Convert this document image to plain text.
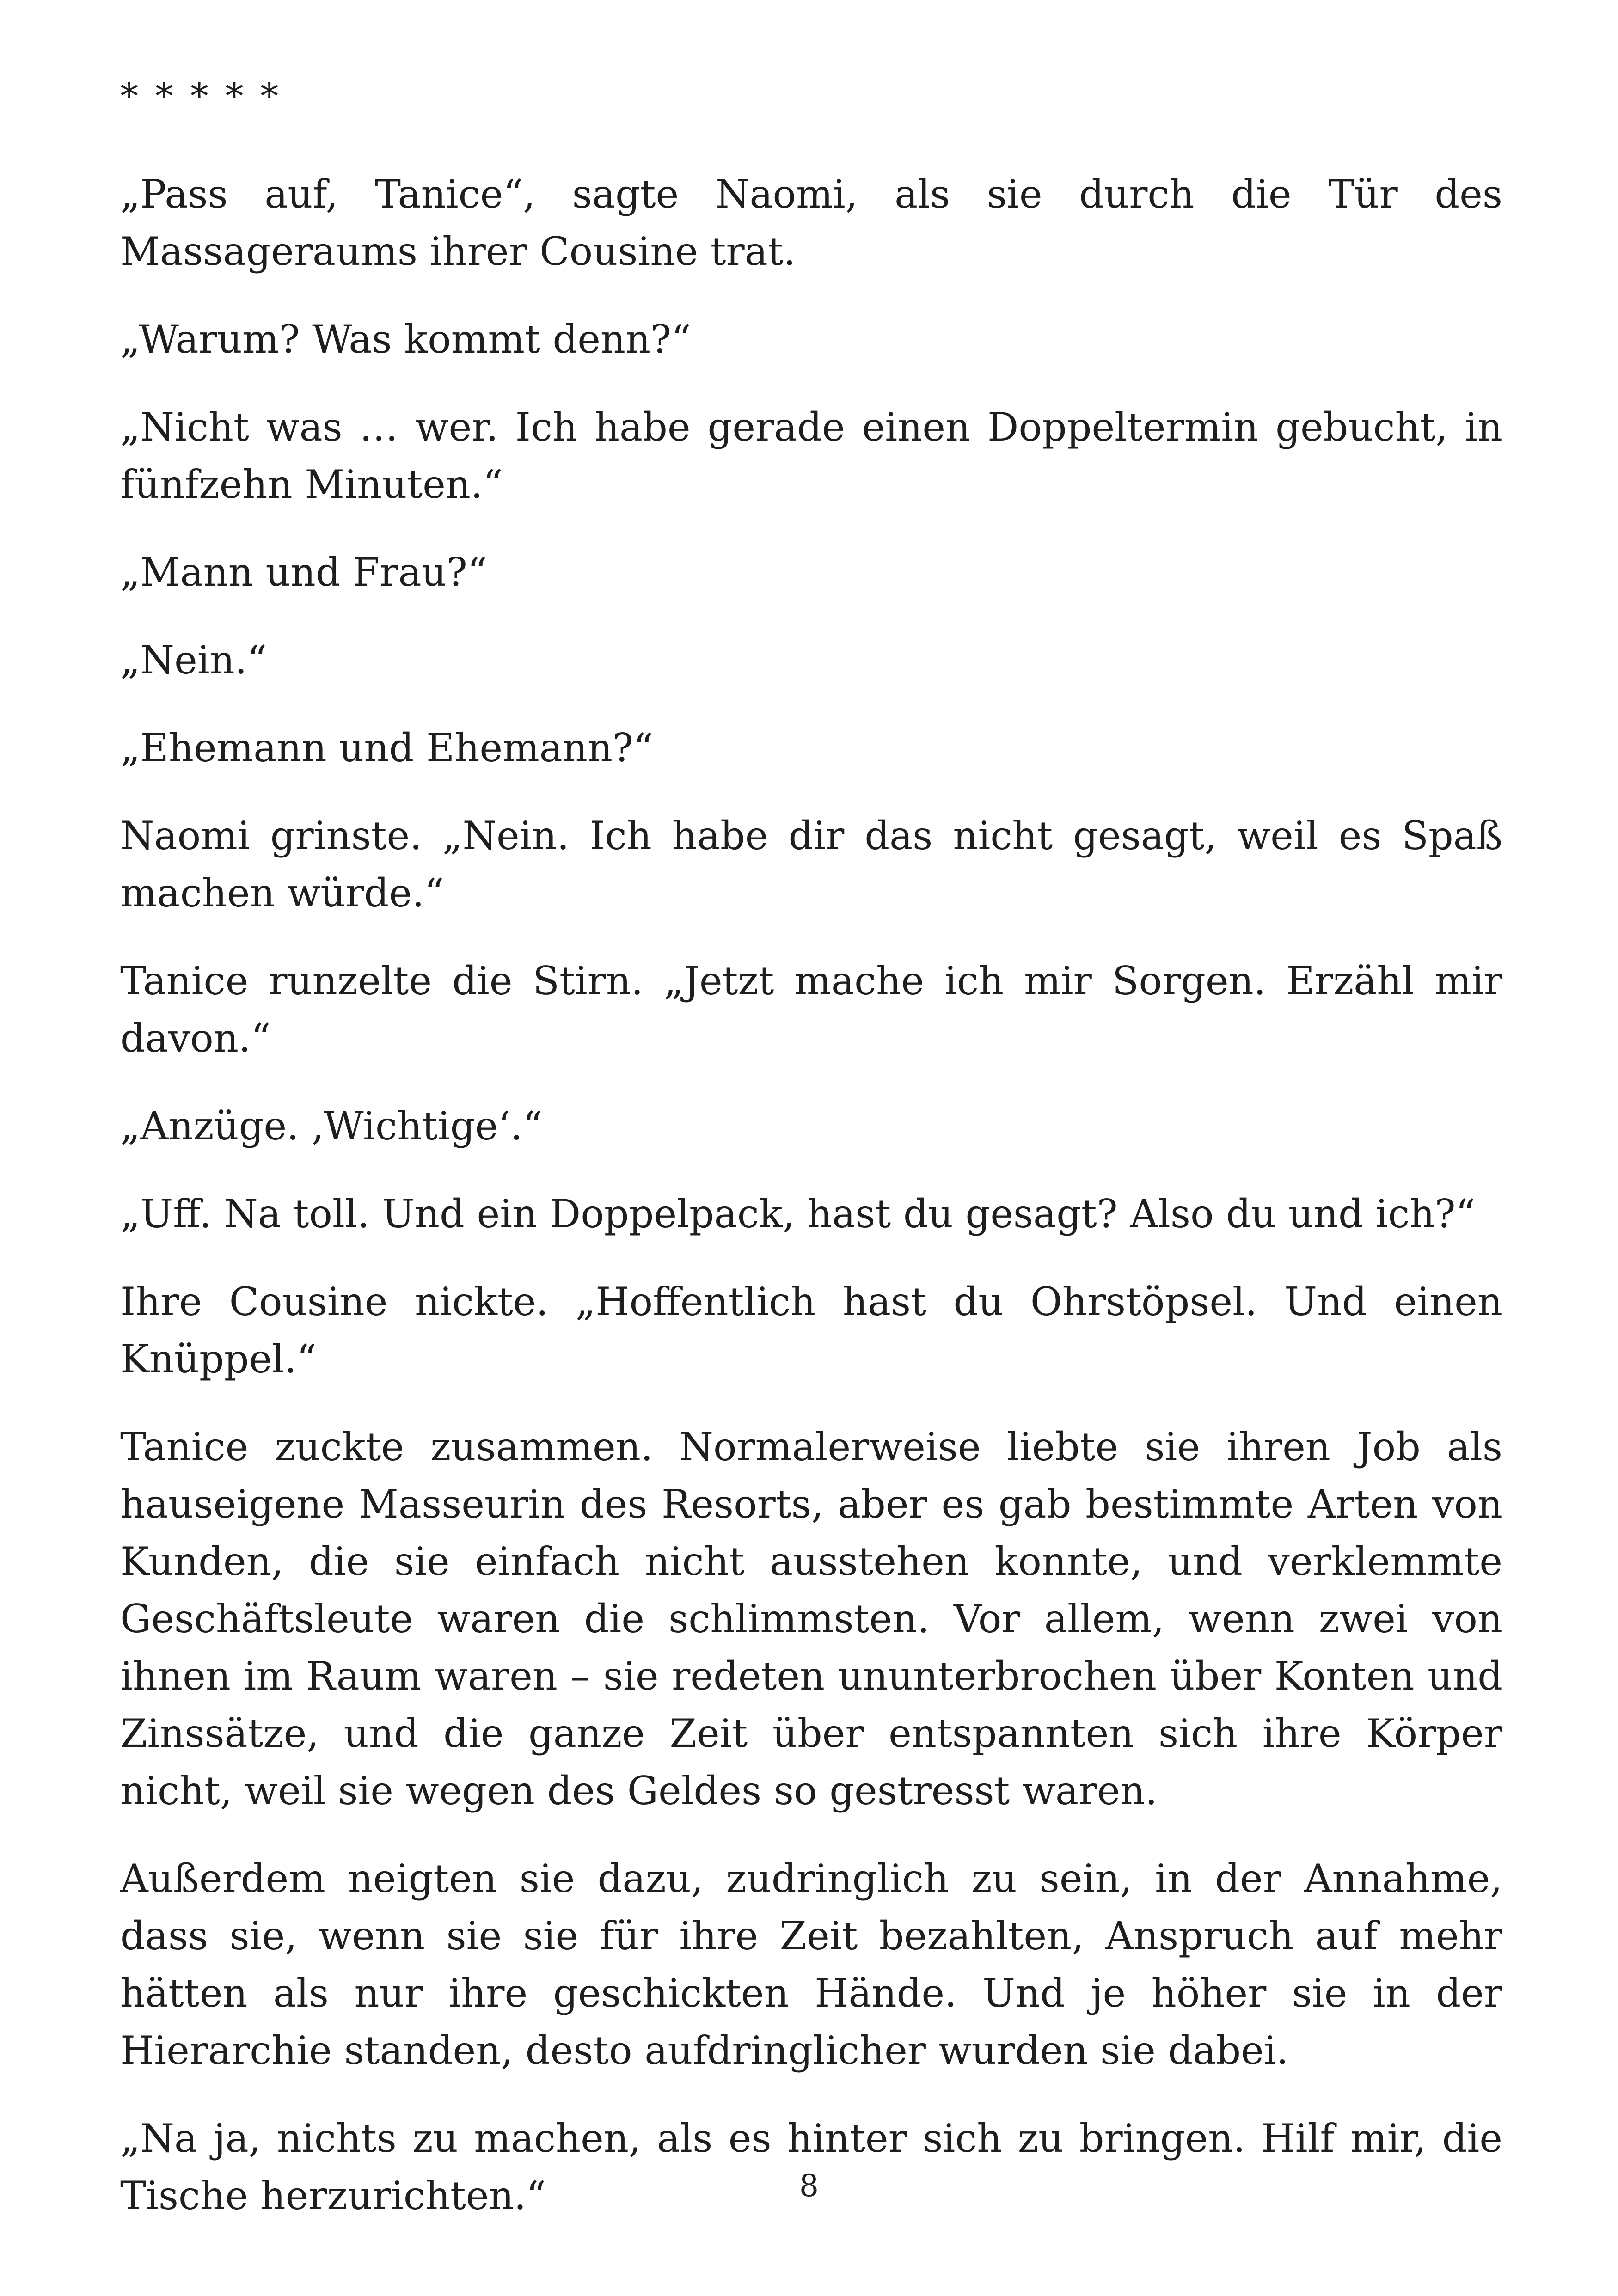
* * * * *

„Pass auf, Tanice“, sagte Naomi, als sie durch die Tür des Massageraums ihrer Cousine trat.

„Warum? Was kommt denn?“

„Nicht was … wer. Ich habe gerade einen Doppeltermin gebucht, in fünfzehn Minuten.“

„Mann und Frau?“

„Nein.“

„Ehemann und Ehemann?“

Naomi grinste. „Nein. Ich habe dir das nicht gesagt, weil es Spaß machen würde.“

Tanice runzelte die Stirn. „Jetzt mache ich mir Sorgen. Erzähl mir davon.“

„Anzüge. ‚Wichtige‘.“

„Uff. Na toll. Und ein Doppelpack, hast du gesagt? Also du und ich?“

Ihre Cousine nickte. „Hoffentlich hast du Ohrstöpsel. Und einen Knüppel.“

Tanice zuckte zusammen. Normalerweise liebte sie ihren Job als hauseigene Masseurin des Resorts, aber es gab bestimmte Arten von Kunden, die sie einfach nicht ausstehen konnte, und verklemmte Geschäftsleute waren die schlimmsten. Vor allem, wenn zwei von ihnen im Raum waren – sie redeten ununterbrochen über Konten und Zinssätze, und die ganze Zeit über entspannten sich ihre Körper nicht, weil sie wegen des Geldes so gestresst waren.

Außerdem neigten sie dazu, zudringlich zu sein, in der Annahme, dass sie, wenn sie sie für ihre Zeit bezahlten, Anspruch auf mehr hätten als nur ihre geschickten Hände. Und je höher sie in der Hierarchie standen, desto aufdringlicher wurden sie dabei.

„Na ja, nichts zu machen, als es hinter sich zu bringen. Hilf mir, die Tische herzurichten.“	8
